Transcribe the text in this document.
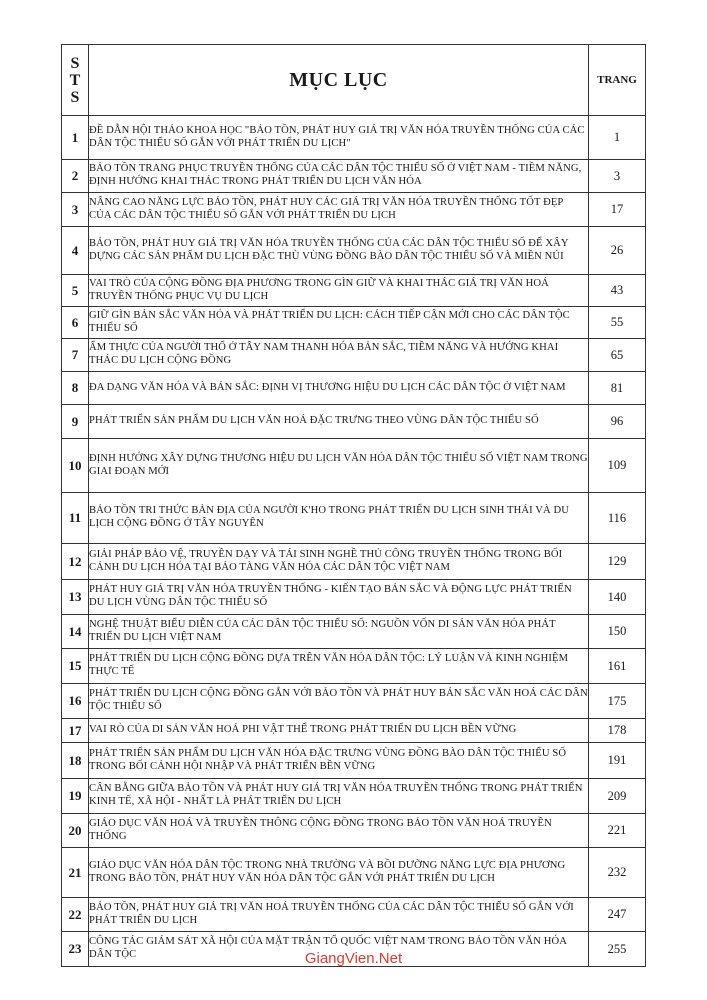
S
T
S	MỤC LỤC	TRANG
1	ĐỀ DẪN HỘI THẢO KHOA HỌC "BẢO TỒN, PHÁT HUY GIÁ TRỊ VĂN HÓA TRUYỀN THỐNG CỦA CÁC DÂN TỘC THIỂU SỐ GẮN VỚI PHÁT TRIỂN DU LỊCH"	1
2	BẢO TỒN TRANG PHỤC TRUYỀN THỐNG CỦA CÁC DÂN TỘC THIỂU SỐ Ở VIỆT NAM - TIỀM NĂNG, ĐỊNH HƯỚNG KHAI THÁC TRONG PHÁT TRIỂN DU LỊCH VĂN HÓA	3
3	NÂNG CAO NĂNG LỰC BẢO TỒN, PHÁT HUY CÁC GIÁ TRỊ VĂN HÓA TRUYỀN THỐNG TỐT ĐẸP CỦA CÁC DÂN TỘC THIỂU SỐ GẮN VỚI PHÁT TRIỂN DU LỊCH	17
4	BẢO TỒN, PHÁT HUY GIÁ TRỊ VĂN HÓA TRUYỀN THỐNG CỦA CÁC DÂN TỘC THIỂU SỐ ĐỂ XÂY DỰNG CÁC SẢN PHẨM DU LỊCH ĐẶC THÙ VÙNG ĐỒNG BÀO DÂN TỘC THIỂU SỐ VÀ MIỀN NÚI	26
5	VAI TRÒ CỦA CỘNG ĐỒNG ĐỊA PHƯƠNG TRONG GÌN GIỮ VÀ KHAI THÁC GIÁ TRỊ VĂN HOÁ TRUYỀN THỐNG PHỤC VỤ DU LỊCH	43
6	GIỮ GÌN BẢN SẮC VĂN HÓA VÀ PHÁT TRIỂN DU LỊCH: CÁCH TIẾP CẬN MỚI CHO CÁC DÂN TỘC THIỂU SỐ	55
7	ẨM THỰC CỦA NGƯỜI THỔ Ở TÂY NAM THANH HÓA BẢN SẮC, TIỀM NĂNG VÀ HƯỚNG KHAI THÁC DU LỊCH CỘNG ĐỒNG	65
8	ĐA DẠNG VĂN HÓA VÀ BẢN SẮC: ĐỊNH VỊ THƯƠNG HIỆU DU LỊCH CÁC DÂN TỘC Ở VIỆT NAM	81
9	PHÁT TRIỂN SẢN PHẨM DU LỊCH VĂN HOÁ ĐẶC TRƯNG THEO VÙNG DÂN TỘC THIỂU SỐ	96
10	ĐỊNH HƯỚNG XÂY DỰNG THƯƠNG HIỆU DU LỊCH VĂN HÓA DÂN TỘC THIỂU SỐ VIỆT NAM TRONG GIAI ĐOẠN MỚI	109
11	BẢO TỒN TRI THỨC BẢN ĐỊA CỦA NGƯỜI K'HO TRONG PHÁT TRIỂN DU LỊCH SINH THÁI VÀ DU LỊCH CỘNG ĐỒNG Ở TÂY NGUYÊN	116
12	GIẢI PHÁP BẢO VỆ, TRUYỀN DẠY VÀ TÁI SINH NGHỀ THỦ CÔNG TRUYỀN THỐNG TRONG BỐI CẢNH DU LỊCH HÓA TẠI BẢO TÀNG VĂN HÓA CÁC DÂN TỘC VIỆT NAM	129
13	PHÁT HUY GIÁ TRỊ VĂN HÓA TRUYỀN THỐNG - KIẾN TẠO BẢN SẮC VÀ ĐỘNG LỰC PHÁT TRIỂN DU LỊCH VÙNG DÂN TỘC THIỂU SỐ	140
14	NGHỆ THUẬT BIỂU DIỄN CỦA CÁC DÂN TỘC THIỂU SỐ: NGUỒN VỐN DI SẢN VĂN HÓA PHÁT TRIỂN DU LỊCH VIỆT NAM	150
15	PHÁT TRIỂN DU LỊCH CỘNG ĐỒNG DỰA TRÊN VĂN HÓA DÂN TỘC: LÝ LUẬN VÀ KINH NGHIỆM THỰC TẾ	161
16	PHÁT TRIỂN DU LỊCH CỘNG ĐỒNG GẮN VỚI BẢO TỒN VÀ PHÁT HUY BẢN SẮC VĂN HOÁ CÁC DÂN TỘC THIỂU SỐ	175
17	VAI RÒ CỦA DI SẢN VĂN HOÁ PHI VẬT THỂ TRONG PHÁT TRIỂN DU LỊCH BỀN VỮNG	178
18	PHÁT TRIỂN SẢN PHẨM DU LỊCH VĂN HÓA ĐẶC TRƯNG VÙNG ĐỒNG BÀO DÂN TỘC THIỂU SỐ TRONG BỐI CẢNH HỘI NHẬP VÀ PHÁT TRIỂN BỀN VỮNG	191
19	CÂN BẰNG GIỮA BẢO TỒN VÀ PHÁT HUY GIÁ TRỊ VĂN HÓA TRUYỀN THỐNG TRONG PHÁT TRIỂN KINH TẾ, XÃ HỘI - NHẤT LÀ PHÁT TRIỂN DU LỊCH	209
20	GIÁO DỤC VĂN HOÁ VÀ TRUYỀN THÔNG CỘNG ĐỒNG TRONG BẢO TỒN VĂN HOÁ TRUYỀN THỐNG	221
21	GIÁO DỤC VĂN HÓA DÂN TỘC TRONG NHÀ TRƯỜNG VÀ BỒI DƯỠNG NĂNG LỰC ĐỊA PHƯƠNG TRONG BẢO TỒN, PHÁT HUY VĂN HÓA DÂN TỘC GẮN VỚI PHÁT TRIỂN DU LỊCH	232
22	BẢO TỒN, PHÁT HUY GIÁ TRỊ VĂN HOÁ TRUYỀN THỐNG CỦA CÁC DÂN TỘC THIỂU SỐ GẮN VỚI PHÁT TRIỂN DU LỊCH	247
23	CÔNG TÁC GIÁM SÁT XÃ HỘI CỦA MẶT TRẬN TỔ QUỐC VIỆT NAM TRONG BẢO TỒN VĂN HÓA DÂN TỘC	255
GiangVien.Net
